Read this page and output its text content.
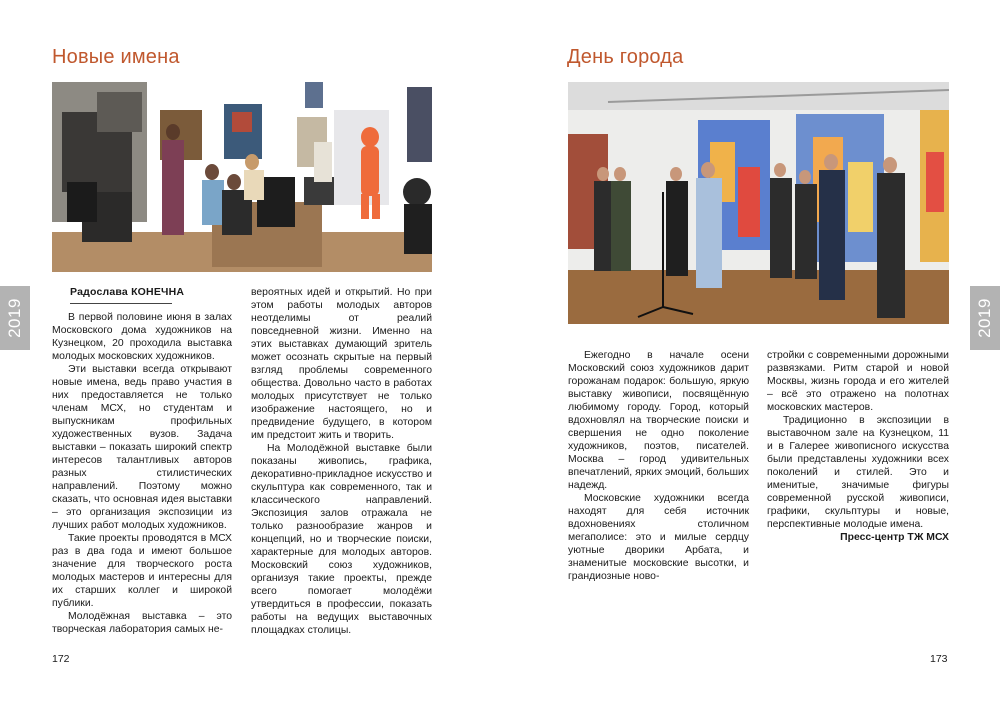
Новые имена
2019
Радослава КОНЕЧНА

В первой половине июня в залах Московского дома художников на Кузнецком, 20 проходила выставка молодых московских художников.

Эти выставки всегда открывают новые имена, ведь право участия в них предоставляется не только членам МСХ, но студентам и выпускникам профильных художественных вузов. Задача выставки – показать широкий спектр интересов талантливых авторов разных стилистических направлений. Поэтому можно сказать, что основная идея выставки – это организация экспозиции из лучших работ молодых художников.

Такие проекты проводятся в МСХ раз в два года и имеют большое значение для творческого роста молодых мастеров и интересны для их старших коллег и широкой публики.

Молодёжная выставка – это творческая лаборатория самых не-

вероятных идей и открытий. Но при этом работы молодых авторов неотделимы от реалий повседневной жизни. Именно на этих выставках думающий зритель может осознать скрытые на первый взгляд проблемы современного общества. Довольно часто в работах молодых присутствует не только изображение настоящего, но и предвидение будущего, в котором им предстоит жить и творить.

На Молодёжной выставке были показаны живопись, графика, декоративно-прикладное искусство и скульптура как современного, так и классического направлений. Экспозиция залов отражала не только разнообразие жанров и концепций, но и творческие поиски, характерные для молодых авторов. Московский союз художников, организуя такие проекты, прежде всего помогает молодёжи утвердиться в профессии, показать работы на ведущих выставочных площадках столицы.

172
День города
2019

Ежегодно в начале осени Московский союз художников дарит горожанам подарок: большую, яркую выставку живописи, посвящённую любимому городу. Город, который вдохновлял на творческие поиски и свершения не одно поколение художников, поэтов, писателей. Москва – город удивительных впечатлений, ярких эмоций, больших надежд.

Московские художники всегда находят для себя источник вдохновениях столичном мегаполисе: это и милые сердцу уютные дворики Арбата, и знаменитые московские высотки, и грандиозные ново-

стройки с современными дорожными развязками. Ритм старой и новой Москвы, жизнь города и его жителей – всё это отражено на полотнах московских мастеров.

Традиционно в экспозиции в выставочном зале на Кузнецком, 11 и в Галерее живописного искусства были представлены художники всех поколений и стилей. Это и именитые, значимые фигуры современной русской живописи, графики, скульптуры и новые, перспективные молодые имена.

Пресс-центр ТЖ МСХ

173
